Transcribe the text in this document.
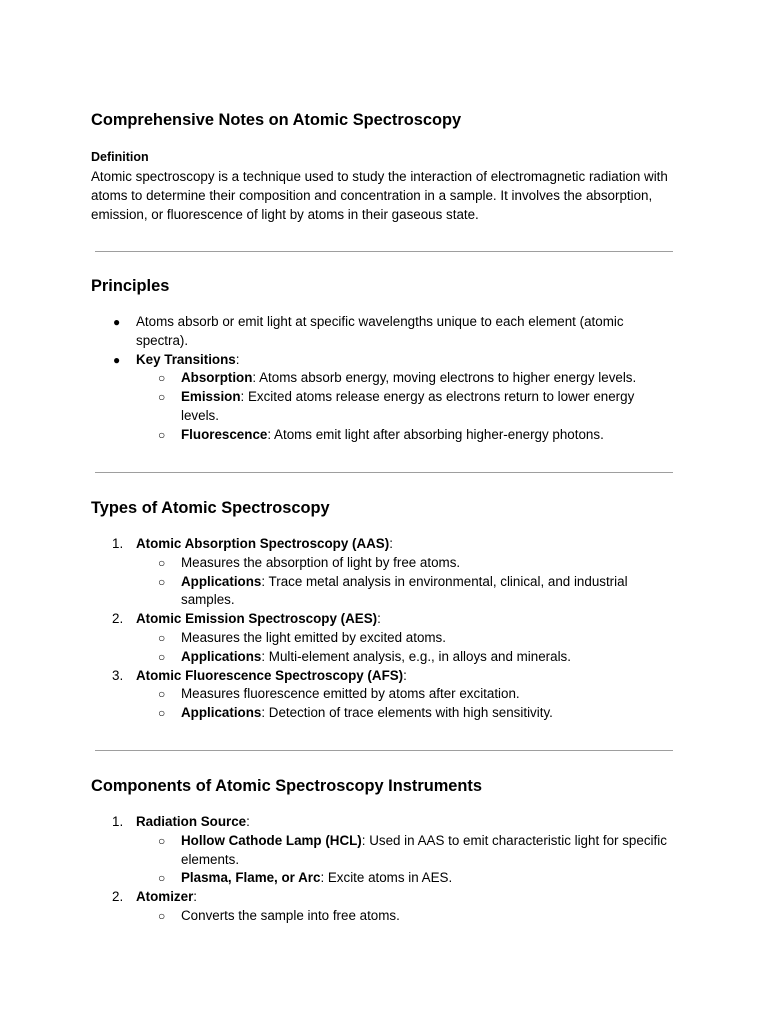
Comprehensive Notes on Atomic Spectroscopy
Definition

Atomic spectroscopy is a technique used to study the interaction of electromagnetic radiation with atoms to determine their composition and concentration in a sample. It involves the absorption, emission, or fluorescence of light by atoms in their gaseous state.

Principles
● Atoms absorb or emit light at specific wavelengths unique to each element (atomic spectra).
● Key Transitions:
○ Absorption: Atoms absorb energy, moving electrons to higher energy levels.
○ Emission: Excited atoms release energy as electrons return to lower energy levels.
○ Fluorescence: Atoms emit light after absorbing higher-energy photons.
Types of Atomic Spectroscopy
1. Atomic Absorption Spectroscopy (AAS):
○ Measures the absorption of light by free atoms.
○ Applications: Trace metal analysis in environmental, clinical, and industrial samples.
2. Atomic Emission Spectroscopy (AES):
○ Measures the light emitted by excited atoms.
○ Applications: Multi-element analysis, e.g., in alloys and minerals.
3. Atomic Fluorescence Spectroscopy (AFS):
○ Measures fluorescence emitted by atoms after excitation.
○ Applications: Detection of trace elements with high sensitivity.
Components of Atomic Spectroscopy Instruments
1. Radiation Source:
○ Hollow Cathode Lamp (HCL): Used in AAS to emit characteristic light for specific elements.
○ Plasma, Flame, or Arc: Excite atoms in AES.
2. Atomizer:
○ Converts the sample into free atoms.
